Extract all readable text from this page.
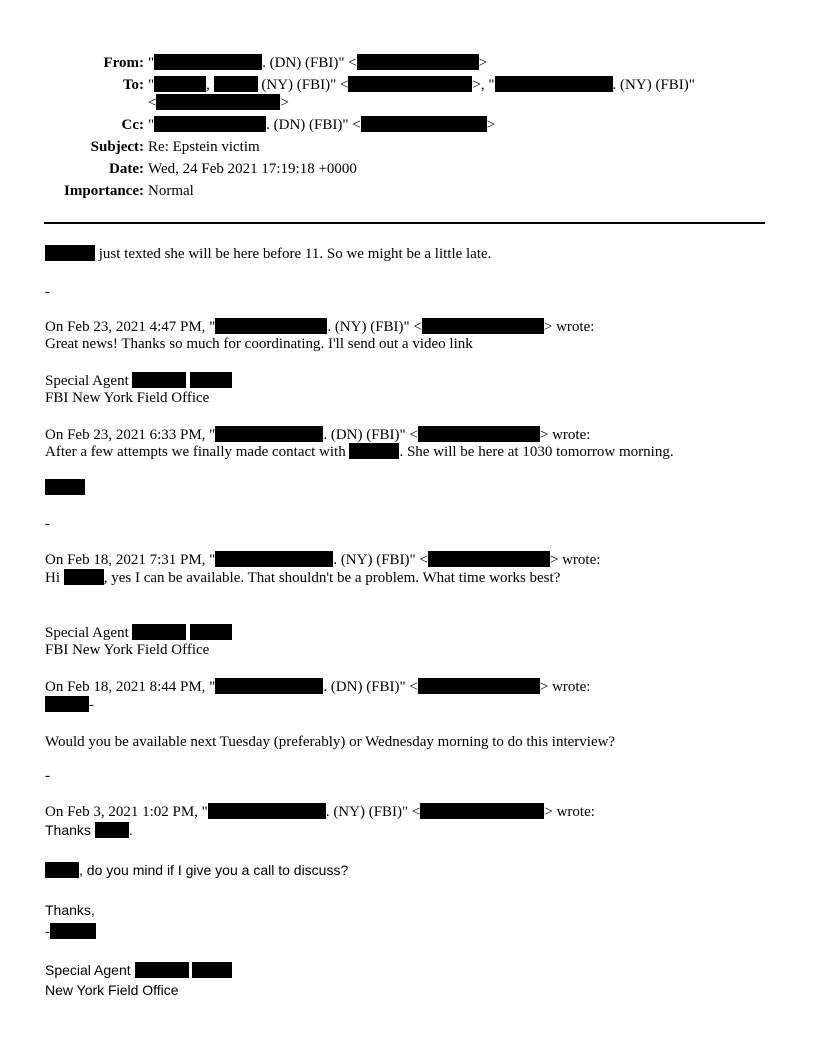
From: "	. (DN) (FBI)" <	>
To: "	,	(NY) (FBI)" <	>, "	. (NY) (FBI)"
<	>
Cc: "	. (DN) (FBI)" <	>
Subject: Re: Epstein victim
Date: Wed, 24 Feb 2021 17:19:18 +0000
Importance: Normal
just texted she will be here before 11. So we might be a little late.
-
On Feb 23, 2021 4:47 PM, "	. (NY) (FBI)" <	> wrote:
Great news! Thanks so much for coordinating. I'll send out a video link
Special Agent
FBI New York Field Office
On Feb 23, 2021 6:33 PM, "	. (DN) (FBI)" <	> wrote:
After a few attempts we finally made contact with	. She will be here at 1030 tomorrow morning.
-
On Feb 18, 2021 7:31 PM, "	. (NY) (FBI)" <	> wrote:
Hi	, yes I can be available. That shouldn't be a problem. What time works best?
Special Agent
FBI New York Field Office
On Feb 18, 2021 8:44 PM, "	. (DN) (FBI)" <	> wrote:
-
Would you be available next Tuesday (preferably) or Wednesday morning to do this interview?
-
On Feb 3, 2021 1:02 PM, "	. (NY) (FBI)" <	> wrote:
Thanks .
, do you mind if I give you a call to discuss?
Thanks,
-
Special Agent
New York Field Office
